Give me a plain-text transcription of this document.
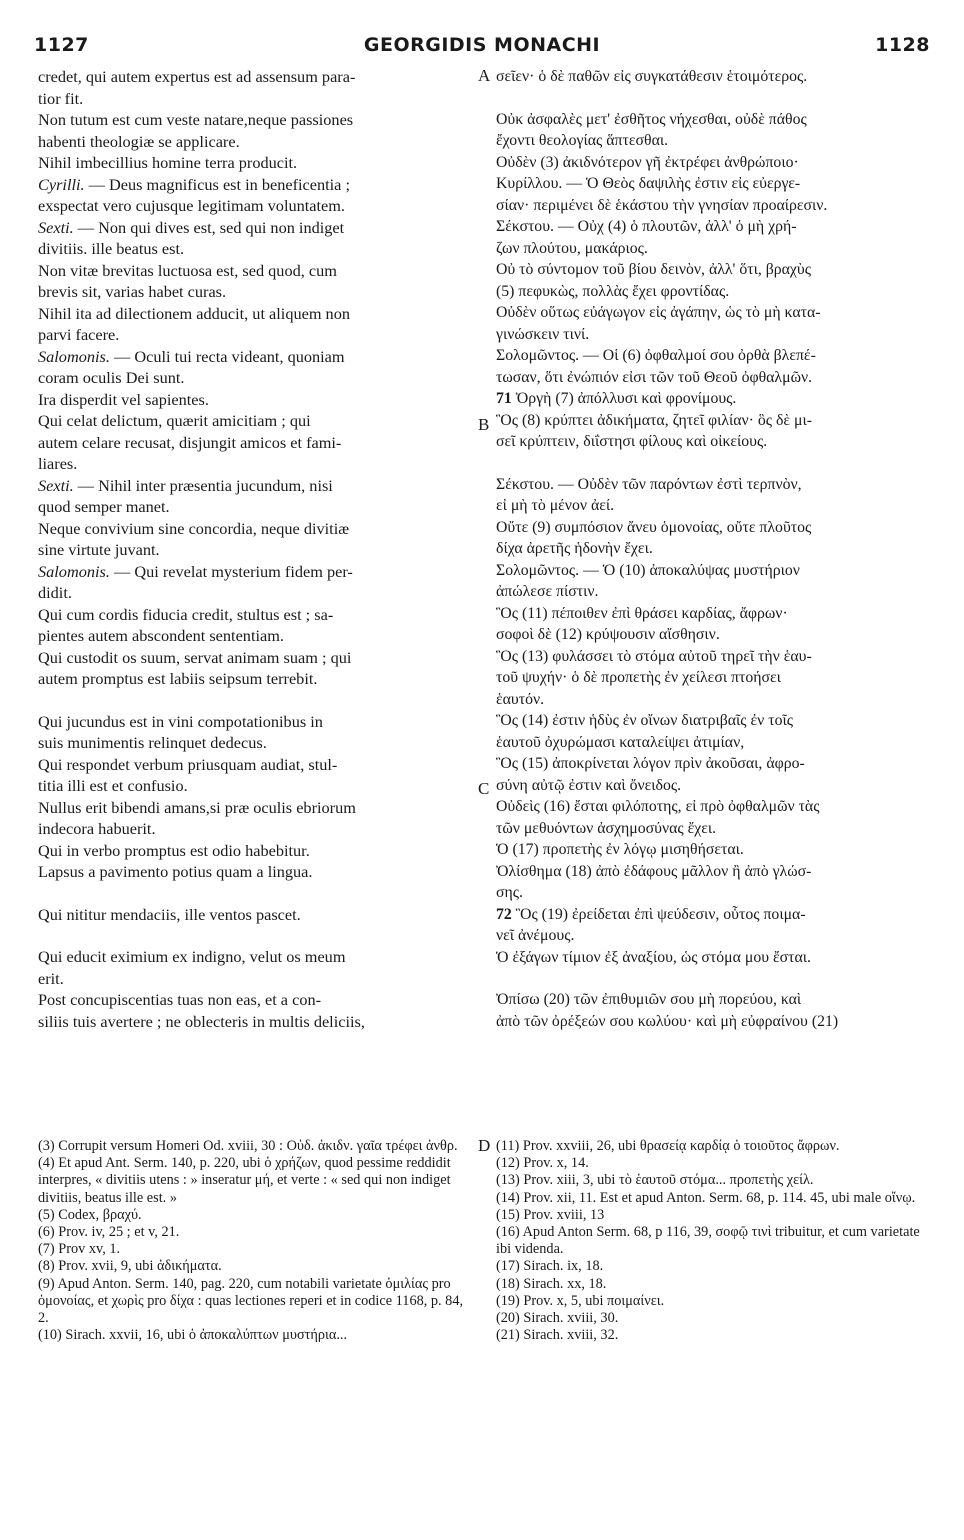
1127	GEORGIDIS MONACHI	1128

credet, qui autem expertus est ad assensum para-

tior fit.

Non tutum est cum veste natare,neque passiones

habenti theologiæ se applicare.

Nihil imbecillius homine terra producit.

Cyrilli. — Deus magnificus est in beneficentia ;

exspectat vero cujusque legitimam voluntatem.

Sexti. — Non qui dives est, sed qui non indiget

divitiis. ille beatus est.

Non vitæ brevitas luctuosa est, sed quod, cum

brevis sit, varias habet curas.

Nihil ita ad dilectionem adducit, ut aliquem non

parvi facere.

Salomonis. — Oculi tui recta videant, quoniam

coram oculis Dei sunt.

Ira disperdit vel sapientes.

Qui celat delictum, quærit amicitiam ; qui

autem celare recusat, disjungit amicos et fami-

liares.

Sexti. — Nihil inter præsentia jucundum, nisi

quod semper manet.

Neque convivium sine concordia, neque divitiæ

sine virtute juvant.

Salomonis. — Qui revelat mysterium fidem per-

didit.

Qui cum cordis fiducia credit, stultus est ; sa-

pientes autem abscondent sententiam.

Qui custodit os suum, servat animam suam ; qui

autem promptus est labiis seipsum terrebit.

Qui jucundus est in vini compotationibus in

suis munimentis relinquet dedecus.

Qui respondet verbum priusquam audiat, stul-

titia illi est et confusio.

Nullus erit bibendi amans,si præ oculis ebriorum

indecora habuerit.

Qui in verbo promptus est odio habebitur.

Lapsus a pavimento potius quam a lingua.

Qui nititur mendaciis, ille ventos pascet.

Qui educit eximium ex indigno, velut os meum

erit.

Post concupiscentias tuas non eas, et a con-

siliis tuis avertere ; ne oblecteris in multis deliciis,

σεῖεν· ὁ δὲ παθῶν εἰς συγκατάθεσιν ἑτοιμότερος.

Οὐκ ἀσφαλὲς μετ' ἐσθῆτος νήχεσθαι, οὐδὲ πάθος

ἔχοντι θεολογίας ἅπτεσθαι.

Οὐδὲν (3) ἀκιδνότερον γῆ ἐκτρέφει ἀνθρώποιο·

Κυρίλλου. — Ὁ Θεὸς δαψιλὴς ἐστιν εἰς εὐεργε-

σίαν· περιμένει δὲ ἑκάστου τὴν γνησίαν προαίρεσιν.

Σέκστου. — Οὐχ (4) ὁ πλουτῶν, ἀλλ' ὁ μὴ χρή-

ζων πλούτου, μακάριος.

Οὐ τὸ σύντομον τοῦ βίου δεινὸν, ἀλλ' ὅτι, βραχὺς

(5) πεφυκὼς, πολλὰς ἔχει φροντίδας.

Οὐδὲν οὕτως εὐάγωγον εἰς ἀγάπην, ὡς τὸ μὴ κατα-

γινώσκειν τινί.

Σολομῶντος. — Οἱ (6) ὀφθαλμοί σου ὀρθὰ βλεπέ-

τωσαν, ὅτι ἐνώπιόν εἰσι τῶν τοῦ Θεοῦ ὀφθαλμῶν.

71 Ὀργὴ (7) ἀπόλλυσι καὶ φρονίμους.

Ὃς (8) κρύπτει ἀδικήματα, ζητεῖ φιλίαν· ὃς δὲ μι-

σεῖ κρύπτειν, διΐστησι φίλους καὶ οἰκείους.

Σέκστου. — Οὐδὲν τῶν παρόντων ἐστὶ τερπνὸν,

εἰ μὴ τὸ μένον ἀεί.

Οὔτε (9) συμπόσιον ἄνευ ὁμονοίας, οὔτε πλοῦτος

δίχα ἀρετῆς ἡδονὴν ἔχει.

Σολομῶντος. — Ὁ (10) ἀποκαλύψας μυστήριον

ἀπώλεσε πίστιν.

Ὃς (11) πέποιθεν ἐπὶ θράσει καρδίας, ἄφρων·

σοφοὶ δὲ (12) κρύψουσιν αἴσθησιν.

Ὃς (13) φυλάσσει τὸ στόμα αὐτοῦ τηρεῖ τὴν ἑαυ-

τοῦ ψυχήν· ὁ δὲ προπετὴς ἐν χείλεσι πτοήσει

ἑαυτόν.

Ὃς (14) ἐστιν ἡδὺς ἐν οἴνων διατριβαῖς ἐν τοῖς

ἑαυτοῦ ὀχυρώμασι καταλείψει ἀτιμίαν,

Ὃς (15) ἀποκρίνεται λόγον πρὶν ἀκοῦσαι, ἀφρο-

σύνη αὐτῷ ἐστιν καὶ ὄνειδος.

Οὐδεὶς (16) ἔσται φιλόποτης, εἰ πρὸ ὀφθαλμῶν τὰς

τῶν μεθυόντων ἀσχημοσύνας ἔχει.

Ὁ (17) προπετὴς ἐν λόγῳ μισηθήσεται.

Ὀλίσθημα (18) ἀπὸ ἐδάφους μᾶλλον ἢ ἀπὸ γλώσ-

σης.

72 Ὃς (19) ἐρείδεται ἐπὶ ψεύδεσιν, οὗτος ποιμα-

νεῖ ἀνέμους.

Ὁ ἐξάγων τίμιον ἐξ ἀναξίου, ὡς στόμα μου ἔσται.

Ὀπίσω (20) τῶν ἐπιθυμιῶν σου μὴ πορεύου, καὶ

ἀπὸ τῶν ὀρέξεών σου κωλύου· καὶ μὴ εὐφραίνου (21)

A
B
C
D

(3) Corrupit versum Homeri Od. xviii, 30 : Οὐδ. ἀκιδν. γαῖα τρέφει ἀνθρ.

(4) Et apud Ant. Serm. 140, p. 220, ubi ὁ χρήζων, quod pessime reddidit interpres, « divitiis utens : » inseratur μή, et verte : « sed qui non indiget divitiis, beatus ille est. »

(5) Codex, βραχύ.

(6) Prov. iv, 25 ; et v, 21.

(7) Prov xv, 1.

(8) Prov. xvii, 9, ubi ἀδικήματα.

(9) Apud Anton. Serm. 140, pag. 220, cum notabili varietate ὁμιλίας pro ὁμονοίας, et χωρὶς pro δίχα : quas lectiones reperi et in codice 1168, p. 84, 2.

(10) Sirach. xxvii, 16, ubi ὁ ἀποκαλύπτων μυστήρια...

(11) Prov. xxviii, 26, ubi θρασείᾳ καρδίᾳ ὁ τοιοῦτος ἄφρων.

(12) Prov. x, 14.

(13) Prov. xiii, 3, ubi τὸ ἑαυτοῦ στόμα... προπετὴς χείλ.

(14) Prov. xii, 11. Est et apud Anton. Serm. 68, p. 114. 45, ubi male οἴνῳ.

(15) Prov. xviii, 13

(16) Apud Anton Serm. 68, p 116, 39, σοφῷ τινὶ tribuitur, et cum varietate ibi videnda.

(17) Sirach. ix, 18.

(18) Sirach. xx, 18.

(19) Prov. x, 5, ubi ποιμαίνει.

(20) Sirach. xviii, 30.

(21) Sirach. xviii, 32.
